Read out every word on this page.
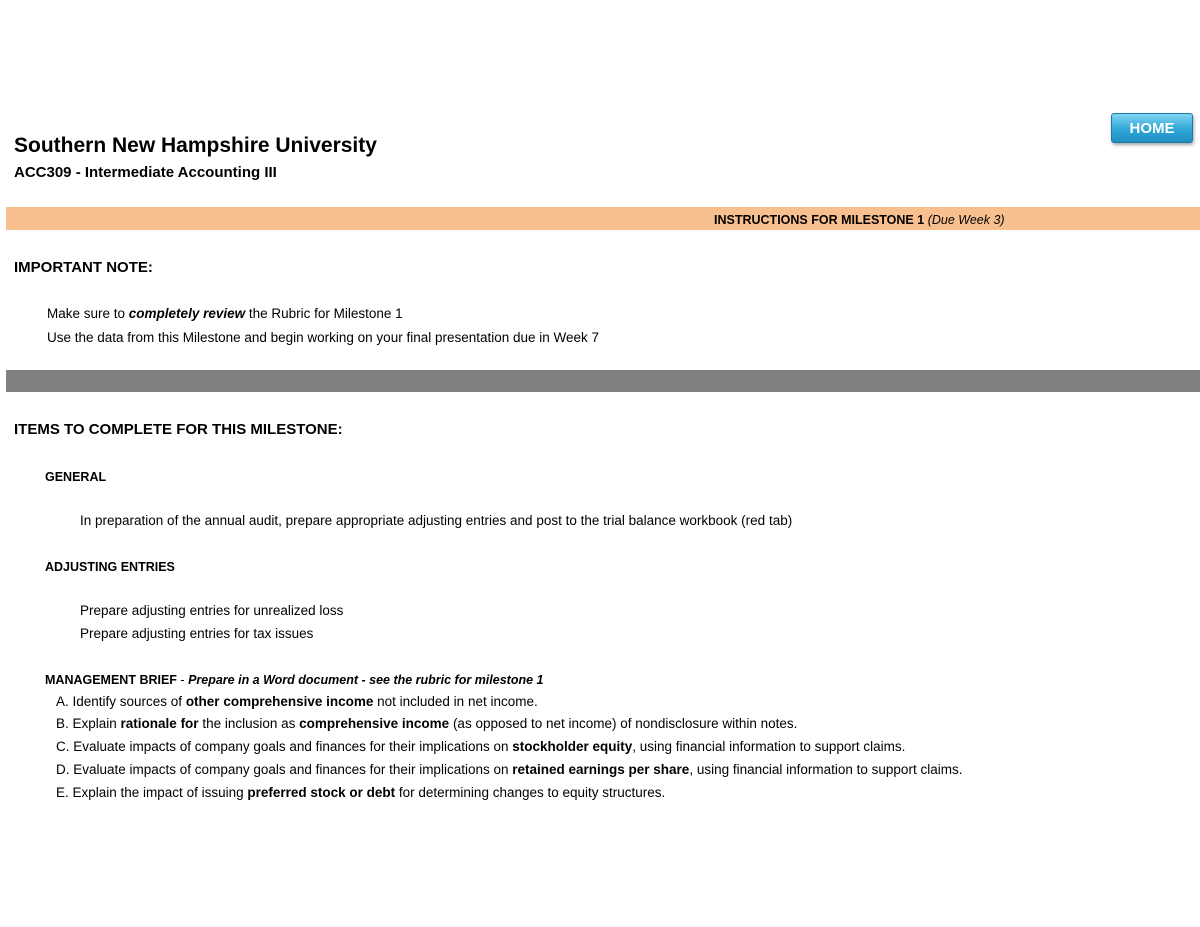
HOME
Southern New Hampshire University
ACC309 - Intermediate Accounting III
INSTRUCTIONS FOR MILESTONE 1 (Due Week 3)
IMPORTANT NOTE:
Make sure to completely review the Rubric for Milestone 1
Use the data from this Milestone and begin working on your final presentation due in Week 7
ITEMS TO COMPLETE FOR THIS MILESTONE:
GENERAL
In preparation of the annual audit, prepare appropriate adjusting entries and post to the trial balance workbook (red tab)
ADJUSTING ENTRIES
Prepare adjusting entries for unrealized loss
Prepare adjusting entries for tax issues
MANAGEMENT BRIEF - Prepare in a Word document - see the rubric for milestone 1
A. Identify sources of other comprehensive income not included in net income.
B. Explain rationale for the inclusion as comprehensive income (as opposed to net income) of nondisclosure within notes.
C. Evaluate impacts of company goals and finances for their implications on stockholder equity, using financial information to support claims.
D. Evaluate impacts of company goals and finances for their implications on retained earnings per share, using financial information to support claims.
E. Explain the impact of issuing preferred stock or debt for determining changes to equity structures.
